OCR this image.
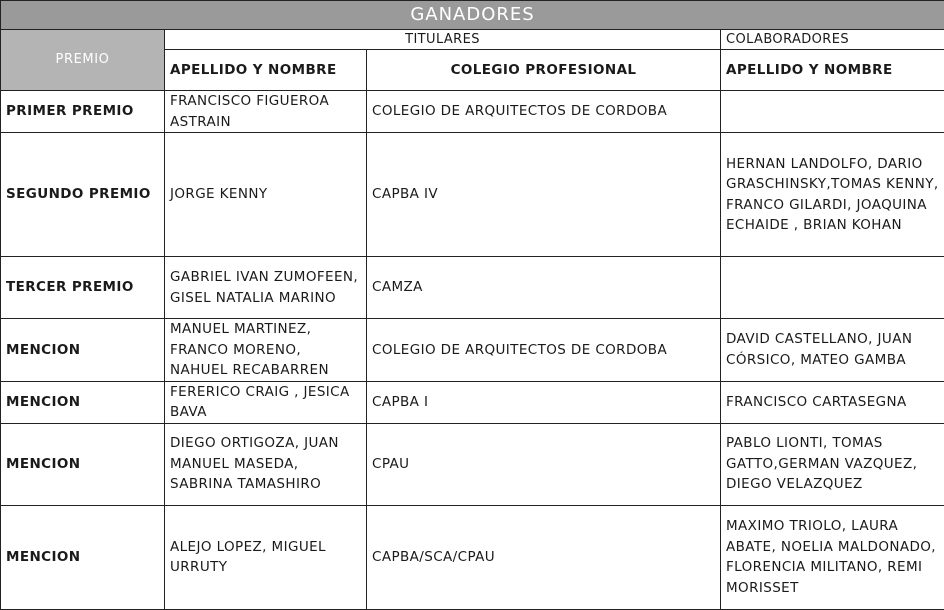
GANADORES			
PREMIO	TITULARES		COLABORADORES
	APELLIDO Y NOMBRE	COLEGIO PROFESIONAL	APELLIDO Y NOMBRE
PRIMER PREMIO	FRANCISCO FIGUEROA ASTRAIN	COLEGIO DE ARQUITECTOS DE CORDOBA	
SEGUNDO PREMIO	JORGE KENNY	CAPBA IV	HERNAN LANDOLFO, DARIO GRASCHINSKY,TOMAS KENNY, FRANCO GILARDI, JOAQUINA ECHAIDE , BRIAN KOHAN
TERCER PREMIO	GABRIEL IVAN ZUMOFEEN, GISEL NATALIA MARINO	CAMZA	
MENCION	MANUEL MARTINEZ, FRANCO MORENO, NAHUEL RECABARREN	COLEGIO DE ARQUITECTOS DE CORDOBA	DAVID CASTELLANO, JUAN CÓRSICO, MATEO GAMBA
MENCION	FERERICO CRAIG , JESICA BAVA	CAPBA I	FRANCISCO CARTASEGNA
MENCION	DIEGO ORTIGOZA, JUAN MANUEL MASEDA, SABRINA TAMASHIRO	CPAU	PABLO LIONTI, TOMAS GATTO,GERMAN VAZQUEZ, DIEGO VELAZQUEZ
MENCION	ALEJO LOPEZ, MIGUEL URRUTY	CAPBA/SCA/CPAU	MAXIMO TRIOLO, LAURA ABATE, NOELIA MALDONADO, FLORENCIA MILITANO, REMI MORISSET
